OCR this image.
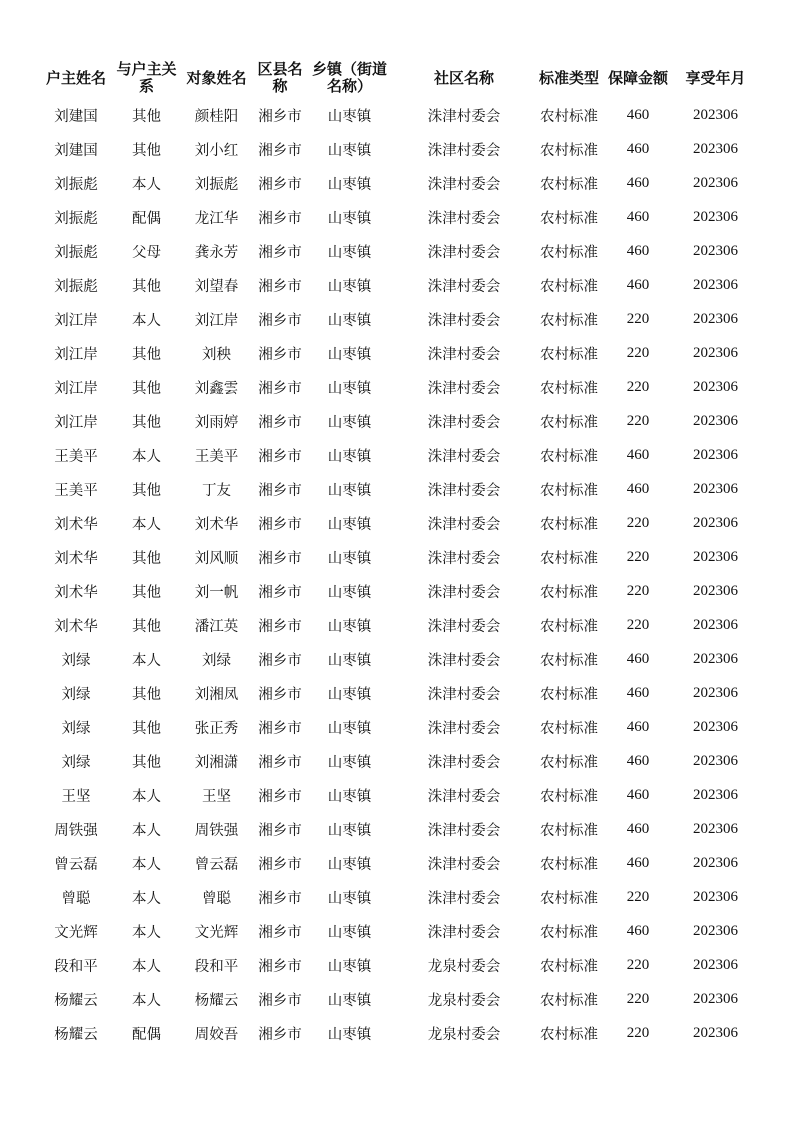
户主姓名	与户主关系	对象姓名	区县名称	乡镇（街道名称）	社区名称	标准类型	保障金额	享受年月
刘建国	其他	颜桂阳	湘乡市	山枣镇	洙津村委会	农村标准	460	202306
刘建国	其他	刘小红	湘乡市	山枣镇	洙津村委会	农村标准	460	202306
刘振彪	本人	刘振彪	湘乡市	山枣镇	洙津村委会	农村标准	460	202306
刘振彪	配偶	龙江华	湘乡市	山枣镇	洙津村委会	农村标准	460	202306
刘振彪	父母	龚永芳	湘乡市	山枣镇	洙津村委会	农村标准	460	202306
刘振彪	其他	刘望春	湘乡市	山枣镇	洙津村委会	农村标准	460	202306
刘江岸	本人	刘江岸	湘乡市	山枣镇	洙津村委会	农村标准	220	202306
刘江岸	其他	刘秧	湘乡市	山枣镇	洙津村委会	农村标准	220	202306
刘江岸	其他	刘鑫雲	湘乡市	山枣镇	洙津村委会	农村标准	220	202306
刘江岸	其他	刘雨婷	湘乡市	山枣镇	洙津村委会	农村标准	220	202306
王美平	本人	王美平	湘乡市	山枣镇	洙津村委会	农村标准	460	202306
王美平	其他	丁友	湘乡市	山枣镇	洙津村委会	农村标准	460	202306
刘术华	本人	刘术华	湘乡市	山枣镇	洙津村委会	农村标准	220	202306
刘术华	其他	刘风顺	湘乡市	山枣镇	洙津村委会	农村标准	220	202306
刘术华	其他	刘一帆	湘乡市	山枣镇	洙津村委会	农村标准	220	202306
刘术华	其他	潘江英	湘乡市	山枣镇	洙津村委会	农村标准	220	202306
刘绿	本人	刘绿	湘乡市	山枣镇	洙津村委会	农村标准	460	202306
刘绿	其他	刘湘凤	湘乡市	山枣镇	洙津村委会	农村标准	460	202306
刘绿	其他	张正秀	湘乡市	山枣镇	洙津村委会	农村标准	460	202306
刘绿	其他	刘湘潇	湘乡市	山枣镇	洙津村委会	农村标准	460	202306
王坚	本人	王坚	湘乡市	山枣镇	洙津村委会	农村标准	460	202306
周铁强	本人	周铁强	湘乡市	山枣镇	洙津村委会	农村标准	460	202306
曾云磊	本人	曾云磊	湘乡市	山枣镇	洙津村委会	农村标准	460	202306
曾聪	本人	曾聪	湘乡市	山枣镇	洙津村委会	农村标准	220	202306
文光辉	本人	文光辉	湘乡市	山枣镇	洙津村委会	农村标准	460	202306
段和平	本人	段和平	湘乡市	山枣镇	龙泉村委会	农村标准	220	202306
杨耀云	本人	杨耀云	湘乡市	山枣镇	龙泉村委会	农村标准	220	202306
杨耀云	配偶	周姣吾	湘乡市	山枣镇	龙泉村委会	农村标准	220	202306
